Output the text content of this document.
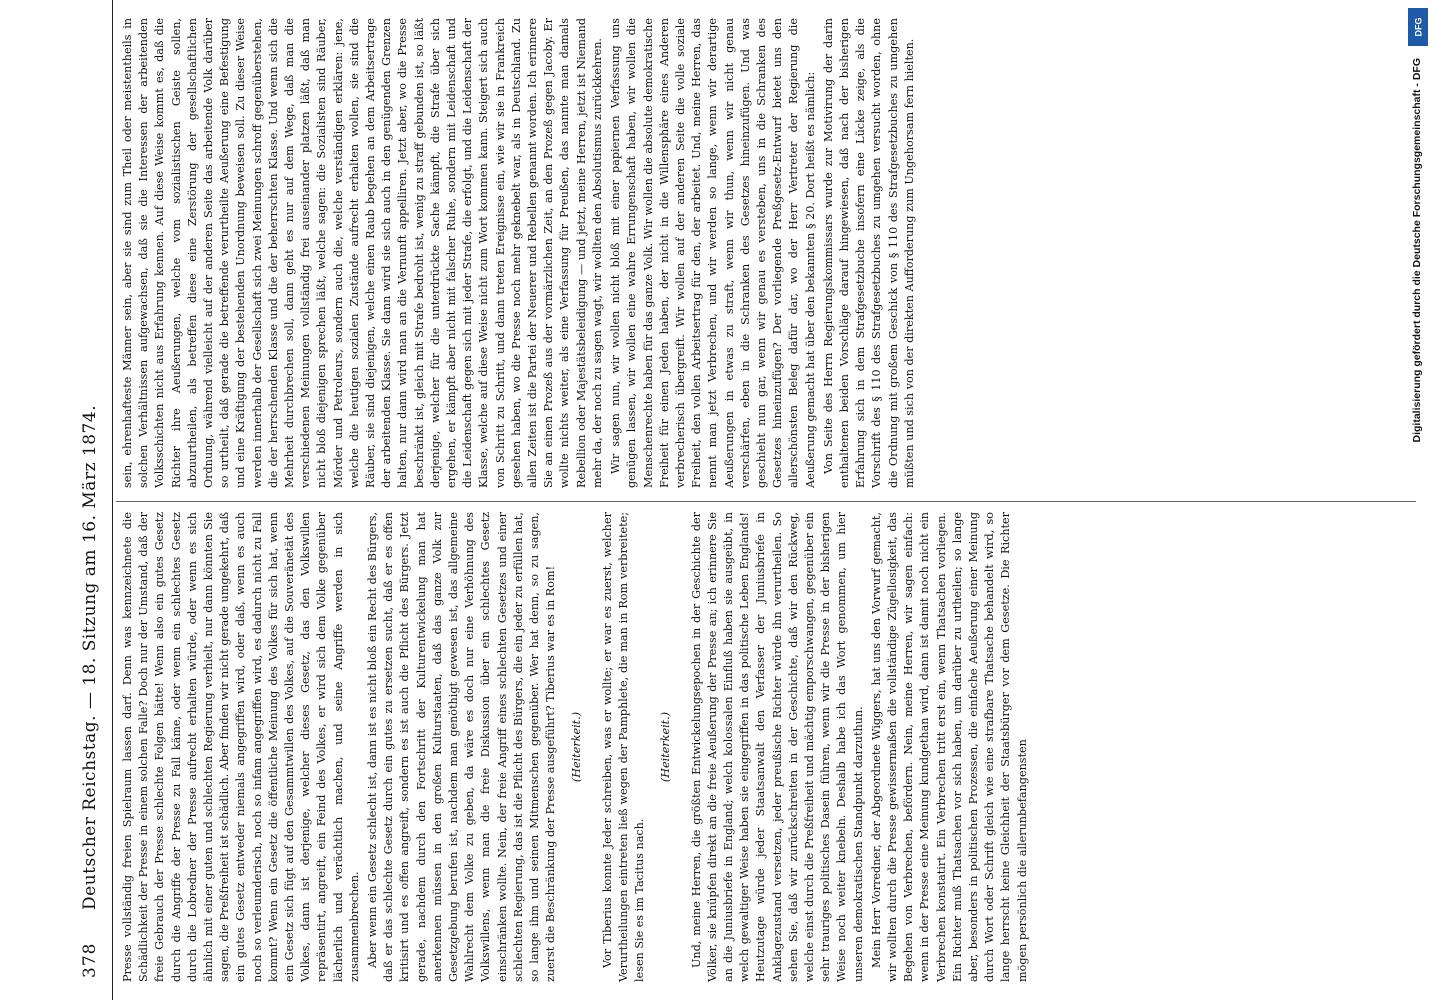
378
Deutscher Reichstag. — 18. Sitzung am 16. März 1874. Presse vollständig freien Spielraum lassen darf. Denn was kennzeichnete die Schädlichkeit der Presse in einem solchen Falle? Doch nur der Umstand, daß der freie Gebrauch der Presse schlechte Folgen hätte! Wenn also ein gutes Gesetz durch die Angriffe der Presse zu Fall käme, oder wenn ein schlechtes Gesetz durch die Lobredner der Presse aufrecht erhalten würde, oder wenn es sich ähnlich mit einer guten und schlechten Regierung verhielt, nur dann könnten Sie sagen, die Preßfreiheit ist schädlich. Aber finden wir nicht gerade umgekehrt, daß ein gutes Gesetz entweder niemals angegriffen wird, oder daß, wenn es auch noch so verleumderisch, noch so infam angegriffen wird, es dadurch nicht zu Fall kommt? Wenn ein Gesetz die öffentliche Meinung des Volkes für sich hat, wenn ein Gesetz sich fügt auf den Gesammtwillen des Volkes, auf die Souveränetät des Volkes, dann ist derjenige, welcher dieses Gesetz, das den Volkswillen repräsentirt, angreift, ein Feind des Volkes, er wird sich dem Volke gegenüber lächerlich und verächtlich machen, und seine Angriffe werden in sich zusammenbrechen. Aber wenn ein Gesetz schlecht ist, dann ist es nicht bloß ein Recht des Bürgers, daß er das schlechte Gesetz durch ein gutes zu ersetzen sucht, daß er es offen kritisirt und es offen angreift, sondern es ist auch die Pflicht des Bürgers. Jetzt gerade, nachdem durch den Fortschritt der Kulturentwickelung man hat anerkennen müssen in den großen Kulturstaaten, daß das ganze Volk zur Gesetzgebung berufen ist, nachdem man genöthigt gewesen ist, das allgemeine Wahlrecht dem Volke zu geben, da wäre es doch nur eine Verhöhnung des Volkswillens, wenn man die freie Diskussion über ein schlechtes Gesetz einschränken wollte. Nein, der freie Angriff eines schlechten Gesetzes und einer schlechten Regierung, das ist die Pflicht des Bürgers, die ein jeder zu erfüllen hat, so lange ihm und seinen Mitmenschen gegenüber. Wer hat denn, so zu sagen, zuerst die Beschränkung der Presse ausgeführt? Tiberius war es in Rom! (Heiterkeit.) Vor Tiberius konnte Jeder schreiben, was er wollte; er war es zuerst, welcher Verurtheilungen eintreten ließ wegen der Pamphlete, die man in Rom verbreitete; lesen Sie es im Tacitus nach.

(Heiterkeit.) Und, meine Herren, die größten Entwickelungsepochen in der Geschichte der Völker, sie knüpfen direkt an die freie Aeußerung der Presse an; ich erinnere Sie an die Juniusbriefe in England; welch kolossalen Einfluß haben sie ausgeübt, in welch gewaltiger Weise haben sie eingegriffen in das politische Leben Englands! Heutzutage würde jeder Staatsanwalt den Verfasser der Juniusbriefe in Anklagezustand versetzen, jeder preußische Richter würde ihn verurtheilen. So sehen Sie, daß wir zurückschreiten in der Geschichte, daß wir den Rückweg, welche einst durch die Preßfreiheit und mächtig emporschwangen, gegenüber ein sehr trauriges politisches Dasein führen, wenn wir die Presse in der bisherigen Weise noch weiter knebeln. Deshalb habe ich das Wort genommen, um hier unseren demokratischen Standpunkt darzuthun. Mein Herr Vorredner, der Abgeordnete Wiggers, hat uns den Vorwurf gemacht, wir wollten durch die Presse gewissermaßen die vollständige Zügellosigkeit, das Begehen von Verbrechen, befördern. Nein, meine Herren, wir sagen einfach: wenn in der Presse eine Meinung kundgethan wird, dann ist damit noch nicht ein Verbrechen konstatirt. Ein Verbrechen tritt erst ein, wenn Thatsachen vorliegen. Ein Richter muß Thatsachen vor sich haben, um darüber zu urtheilen; so lange aber, besonders in politischen Prozessen, die einfache Aeußerung einer Meinung durch Wort oder Schrift gleich wie eine strafbare Thatsache behandelt wird, so lange herrscht keine Gleichheit der Staatsbürger vor dem Gesetze. Die Richter mögen persönlich die allerunbefangensten

sein, ehrenhafteste Männer sein, aber sie sind zum Theil oder meistentheils in solchen Verhältnissen aufgewachsen, daß sie die Interessen der arbeitenden Volksschichten nicht aus Erfahrung kennen. Auf diese Weise kommt es, daß die Richter ihre Aeußerungen, welche vom sozialistischen Geiste sollen, abzuurtheilen, als betreffen diese eine Zerstörung der gesellschaftlichen Ordnung, während vielleicht auf der anderen Seite das arbeitende Volk darüber so urtheilt, daß gerade die betreffende verurtheilte Aeußerung eine Befestigung und eine Kräftigung der bestehenden Unordnung beweisen soll. Zu dieser Weise werden innerhalb der Gesellschaft sich zwei Meinungen schroff gegenüberstehen, die der herrschenden Klasse und die der beherrschten Klasse. Und wenn sich die Mehrheit durchbrechen soll, dann geht es nur auf dem Wege, daß man die verschiedenen Meinungen vollständig frei auseinander platzen läßt, daß man nicht bloß diejenigen sprechen läßt, welche sagen: die Sozialisten sind Räuber, Mörder und Petroleurs, sondern auch die, welche verständigen erklären: jene, welche die heutigen sozialen Zustände aufrecht erhalten wollen, sie sind die Räuber, sie sind diejenigen, welche einen Raub begehen an dem Arbeitsertrage der arbeitenden Klasse. Sie dann wird sie sich auch in den genügenden Grenzen halten, nur dann wird man an die Vernunft appelliren. Jetzt aber, wo die Presse beschränkt ist, gleich mit Strafe bedroht ist, wenig zu straff gebunden ist, so läßt derjenige, welcher für die unterdrückte Sache kämpft, die Strafe über sich ergehen, er kämpft aber nicht mit falscher Ruhe, sondern mit Leidenschaft und die Leidenschaft gegen sich mit jeder Strafe, die erfolgt, und die Leidenschaft der Klasse, welche auf diese Weise nicht zum Wort kommen kann. Steigert sich auch von Schritt zu Schritt, und dann treten Ereignisse ein, wie wir sie in Frankreich gesehen haben, wo die Presse noch mehr geknebelt war, als in Deutschland. Zu allen Zeiten ist die Partei der Neuerer und Rebellen genannt worden. Ich erinnere Sie an einen Prozeß aus der vormärzlichen Zeit, an den Prozeß gegen Jacoby. Er wollte nichts weiter, als eine Verfassung für Preußen, das nannte man damals Rebellion oder Majestätsbeleidigung — und jetzt, meine Herren, jetzt ist Niemand mehr da, der noch zu sagen wagt, wir wollten den Absolutismus zurückkehren. Wir sagen nun, wir wollen nicht bloß mit einer papiernen Verfassung uns genügen lassen, wir wollen eine wahre Errungenschaft haben, wir wollen die Menschenrechte haben für das ganze Volk. Wir wollen die absolute demokratische Freiheit für einen Jeden haben, der nicht in die Willensphäre eines Anderen verbrecherisch übergreift. Wir wollen auf der anderen Seite die volle soziale Freiheit, den vollen Arbeitsertrag für den, der arbeitet. Und, meine Herren, das nennt man jetzt Verbrechen, und wir werden so lange, wenn wir derartige Aeußerungen in etwas zu straft, wenn wir thun, wenn wir nicht genau verschärfen, eben in die Schranken des Gesetzes hineinzufügen. Und was geschieht nun gar, wenn wir genau es versteben, uns in die Schranken des Gesetzes hineinzufügen? Der vorliegende Preßgesetz-Entwurf bietet uns den allerschönsten Beleg dafür dar, wo der Herr Vertreter der Regierung die Aeußerung gemacht hat über den bekannten § 20. Dort heißt es nämlich: Von Seite des Herrn Regierungskommissars wurde zur Motivirung der darin enthaltenen beiden Vorschläge darauf hingewiesen, daß nach der bisherigen Erfahrung sich in dem Strafgesetzbuche insofern eine Lücke zeige, als die Vorschrift des § 110 des Strafgesetzbuches zu umgehen versucht worden, ohne die Ordnung mit großem Geschick von § 110 des Strafgesetzbuches zu umgehen müßten und sich von der direkten Aufforderung zum Ungehorsam fern hielten.

DFG
Digitalisierung gefördert durch die Deutsche Forschungsgemeinschaft - DFG
